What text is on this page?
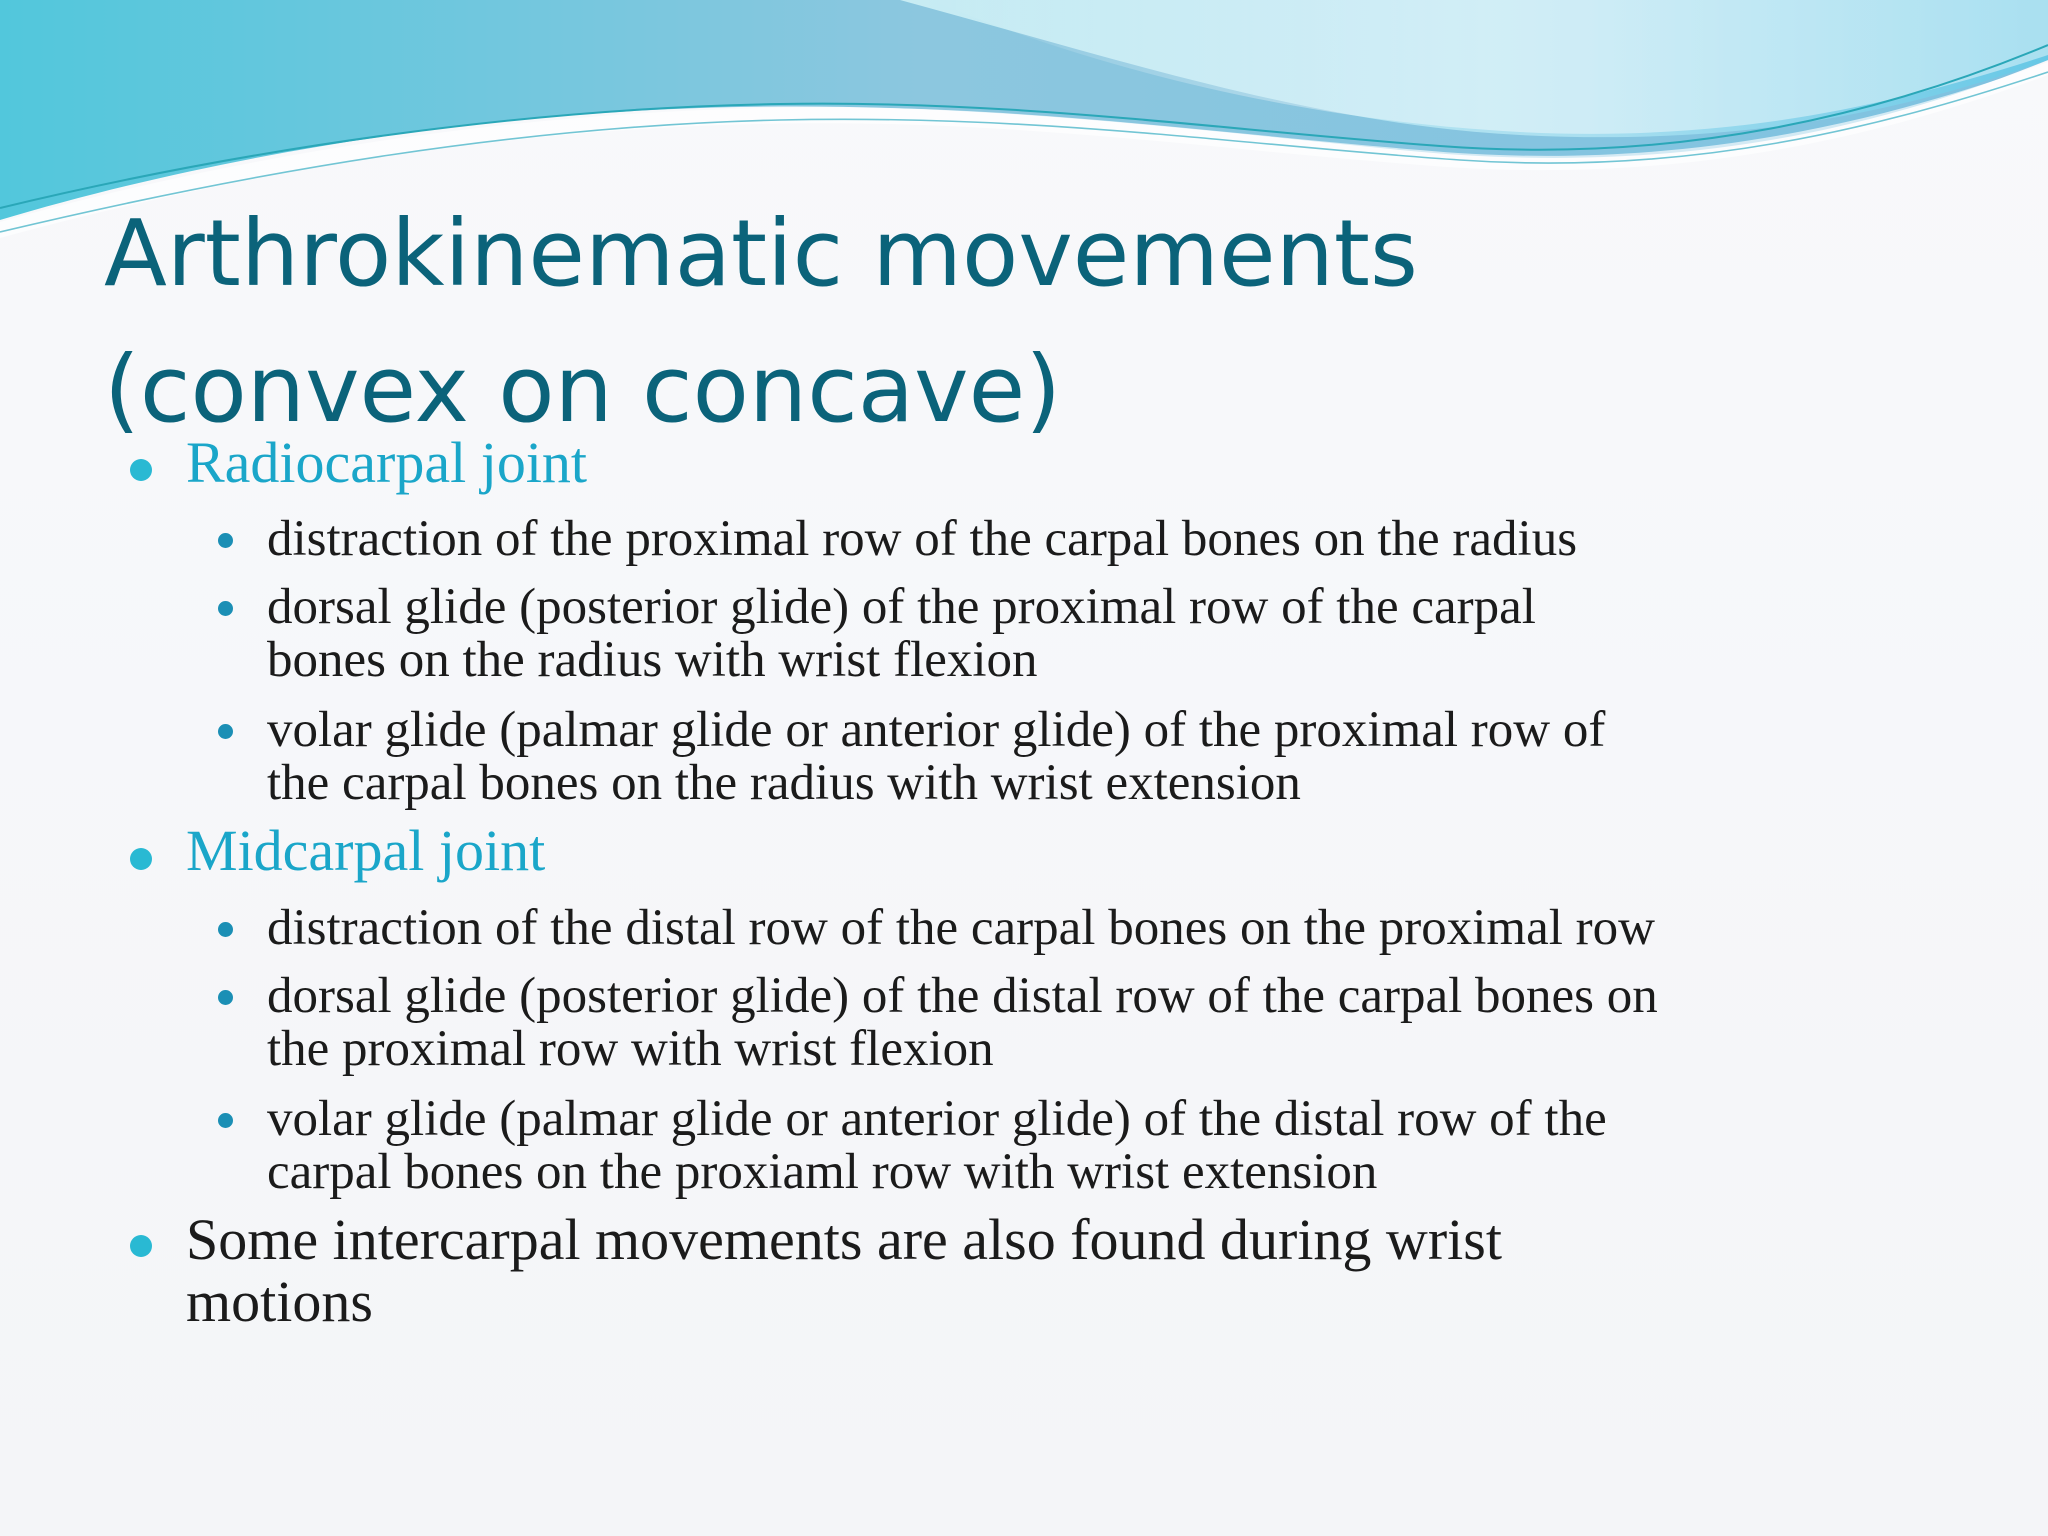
Arthrokinematic movements
(convex on concave)
Radiocarpal joint
distraction of the proximal row of the carpal bones on the radius
dorsal glide (posterior glide) of the proximal row of the carpal
bones on the radius with wrist flexion
volar glide (palmar glide or anterior glide) of the proximal row of
the carpal bones on the radius with wrist extension
Midcarpal joint
distraction of the distal row of the carpal bones on the proximal row
dorsal glide (posterior glide) of the distal row of the carpal bones on
the proximal row with wrist flexion
volar glide (palmar glide or anterior glide) of the distal row of the
carpal bones on the proxiaml row with wrist extension
Some intercarpal movements are also found during wrist
motions
